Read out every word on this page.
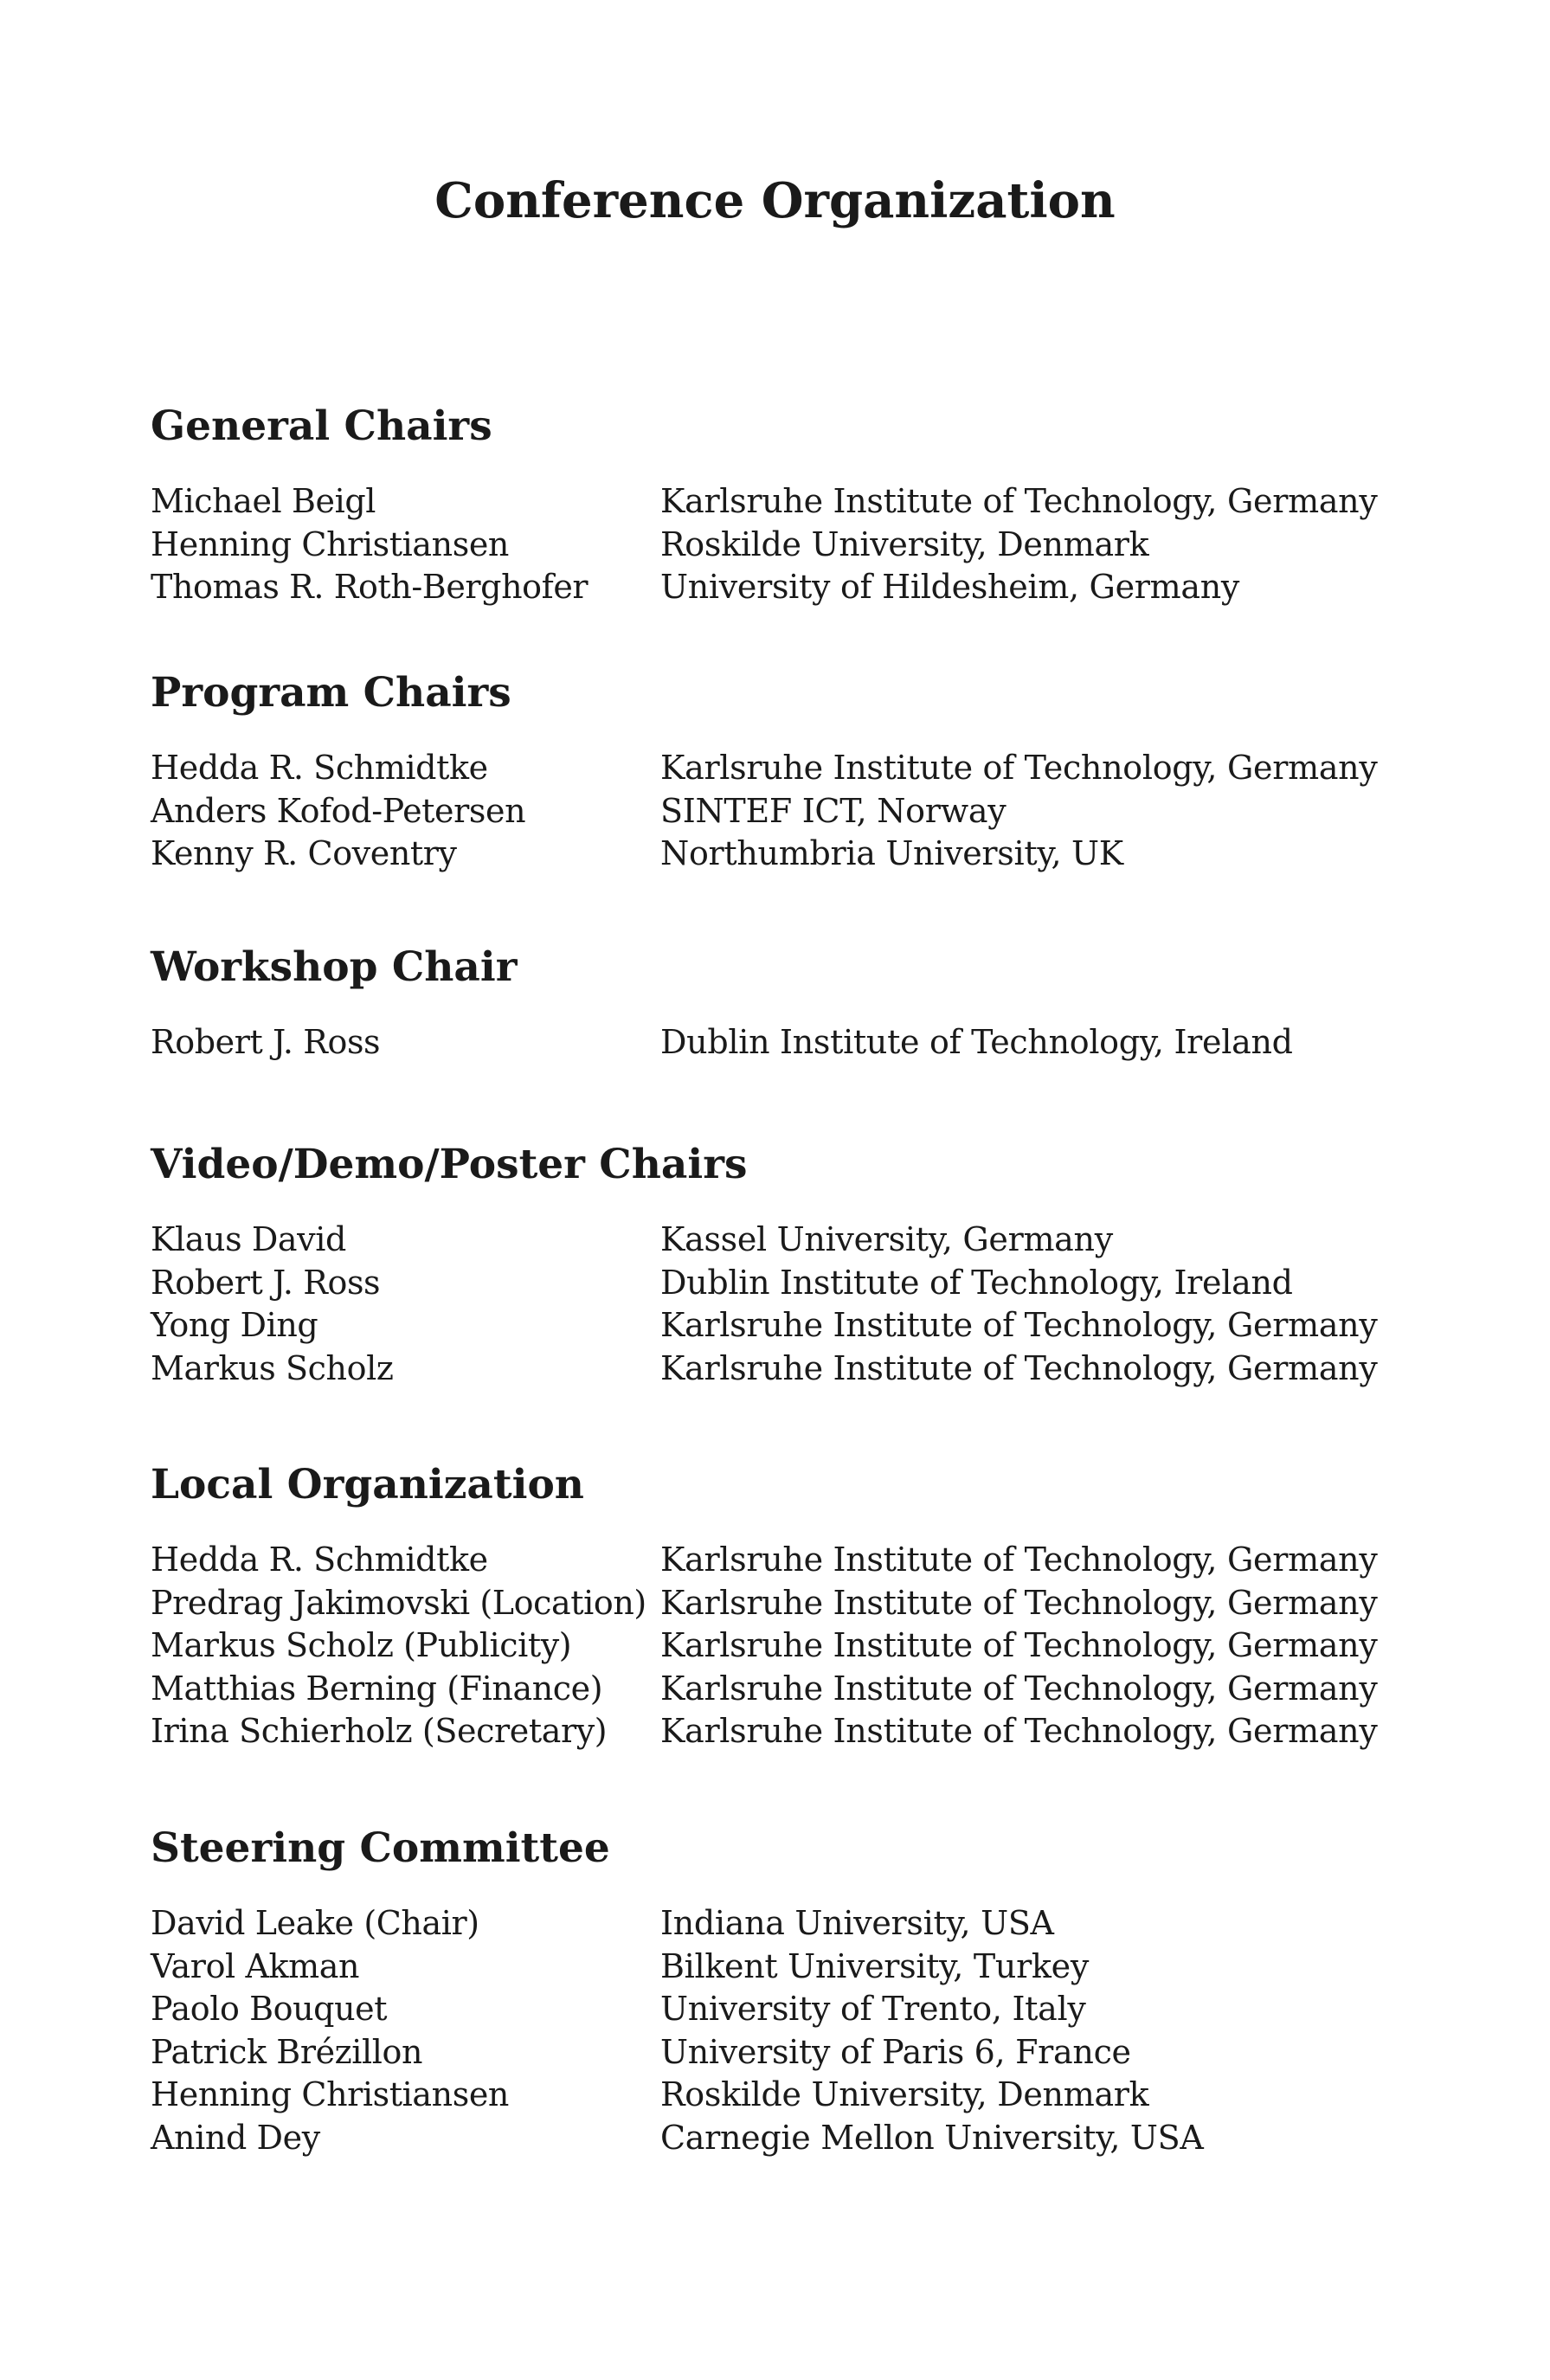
Conference Organization
General Chairs
Michael Beigl	Karlsruhe Institute of Technology, Germany
Henning Christiansen	Roskilde University, Denmark
Thomas R. Roth-Berghofer	University of Hildesheim, Germany
Program Chairs
Hedda R. Schmidtke	Karlsruhe Institute of Technology, Germany
Anders Kofod-Petersen	SINTEF ICT, Norway
Kenny R. Coventry	Northumbria University, UK
Workshop Chair
Robert J. Ross	Dublin Institute of Technology, Ireland
Video/Demo/Poster Chairs
Klaus David	Kassel University, Germany
Robert J. Ross	Dublin Institute of Technology, Ireland
Yong Ding	Karlsruhe Institute of Technology, Germany
Markus Scholz	Karlsruhe Institute of Technology, Germany
Local Organization
Hedda R. Schmidtke	Karlsruhe Institute of Technology, Germany
Predrag Jakimovski (Location) Karlsruhe Institute of Technology, Germany
Markus Scholz (Publicity)	Karlsruhe Institute of Technology, Germany
Matthias Berning (Finance)	Karlsruhe Institute of Technology, Germany
Irina Schierholz (Secretary)	Karlsruhe Institute of Technology, Germany
Steering Committee
David Leake (Chair)	Indiana University, USA
Varol Akman	Bilkent University, Turkey
Paolo Bouquet	University of Trento, Italy
Patrick Brézillon	University of Paris 6, France
Henning Christiansen	Roskilde University, Denmark
Anind Dey	Carnegie Mellon University, USA
